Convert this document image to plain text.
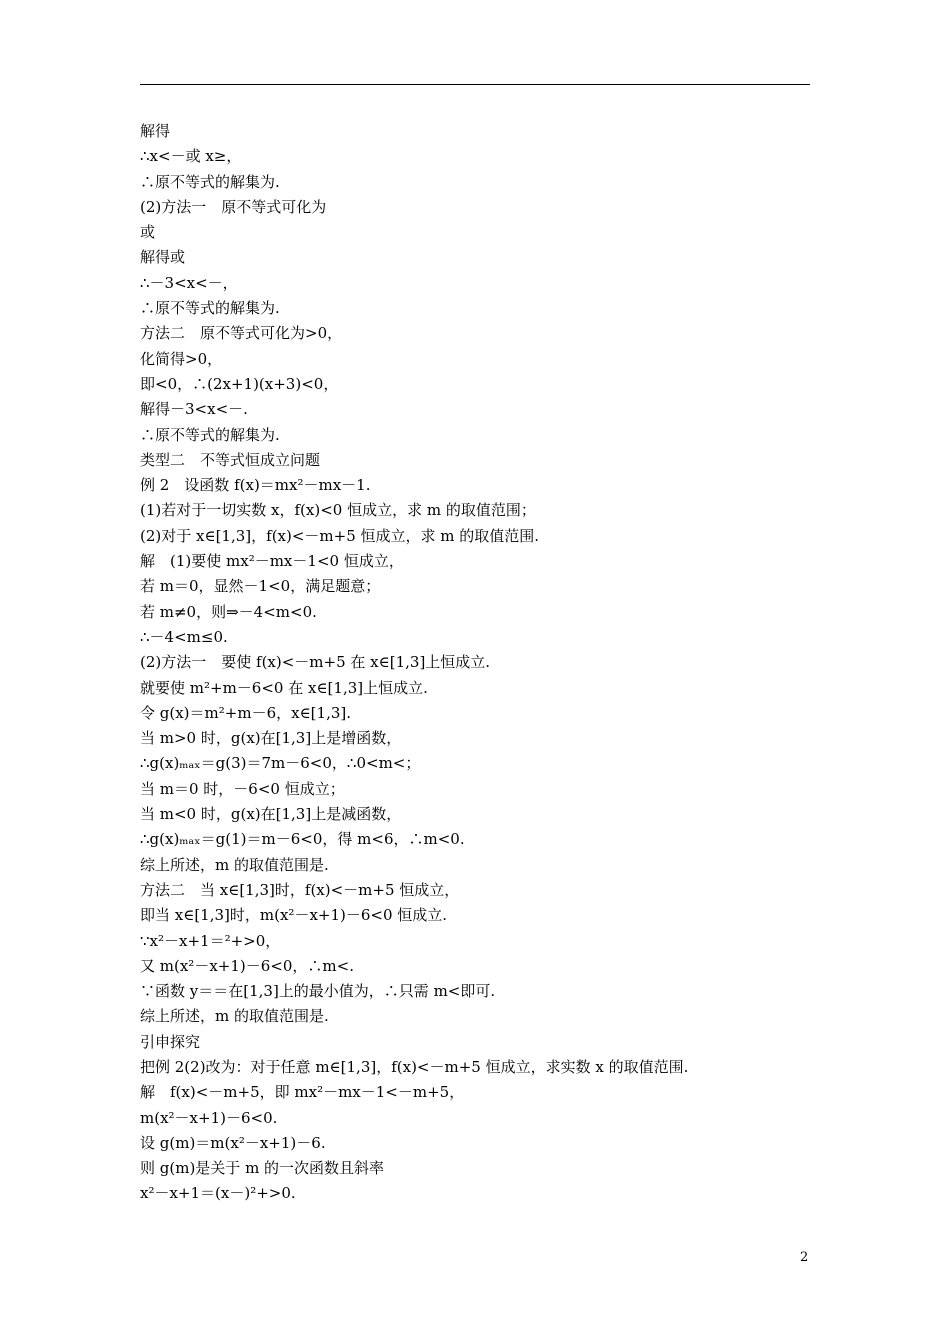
解得
∴x<－或 x≥，
∴原不等式的解集为.
(2)方法一　原不等式可化为
或
解得或
∴－3<x<－，
∴原不等式的解集为.
方法二　原不等式可化为>0，
化简得>0，
即<0，∴(2x+1)(x+3)<0，
解得－3<x<－.
∴原不等式的解集为.
类型二　不等式恒成立问题
例 2　设函数 f(x)＝mx²－mx－1.
(1)若对于一切实数 x，f(x)<0 恒成立，求 m 的取值范围；
(2)对于 x∈[1,3]，f(x)<－m+5 恒成立，求 m 的取值范围.
解　(1)要使 mx²－mx－1<0 恒成立，
若 m＝0，显然－1<0，满足题意；
若 m≠0，则⇒－4<m<0.
∴－4<m≤0.
(2)方法一　要使 f(x)<－m+5 在 x∈[1,3]上恒成立.
就要使 m²+m－6<0 在 x∈[1,3]上恒成立.
令 g(x)＝m²+m－6，x∈[1,3].
当 m>0 时，g(x)在[1,3]上是增函数，
∴g(x)ₘₐₓ＝g(3)＝7m－6<0，∴0<m<；
当 m＝0 时，－6<0 恒成立；
当 m<0 时，g(x)在[1,3]上是减函数，
∴g(x)ₘₐₓ＝g(1)＝m－6<0，得 m<6，∴m<0.
综上所述，m 的取值范围是.
方法二　当 x∈[1,3]时，f(x)<－m+5 恒成立，
即当 x∈[1,3]时，m(x²－x+1)－6<0 恒成立.
∵x²－x+1＝²+>0，
又 m(x²－x+1)－6<0，∴m<.
∵函数 y＝＝在[1,3]上的最小值为，∴只需 m<即可.
综上所述，m 的取值范围是.
引申探究
把例 2(2)改为：对于任意 m∈[1,3]，f(x)<－m+5 恒成立，求实数 x 的取值范围.
解　f(x)<－m+5，即 mx²－mx－1<－m+5，
m(x²－x+1)－6<0.
设 g(m)＝m(x²－x+1)－6.
则 g(m)是关于 m 的一次函数且斜率
x²－x+1＝(x－)²+>0.
2
